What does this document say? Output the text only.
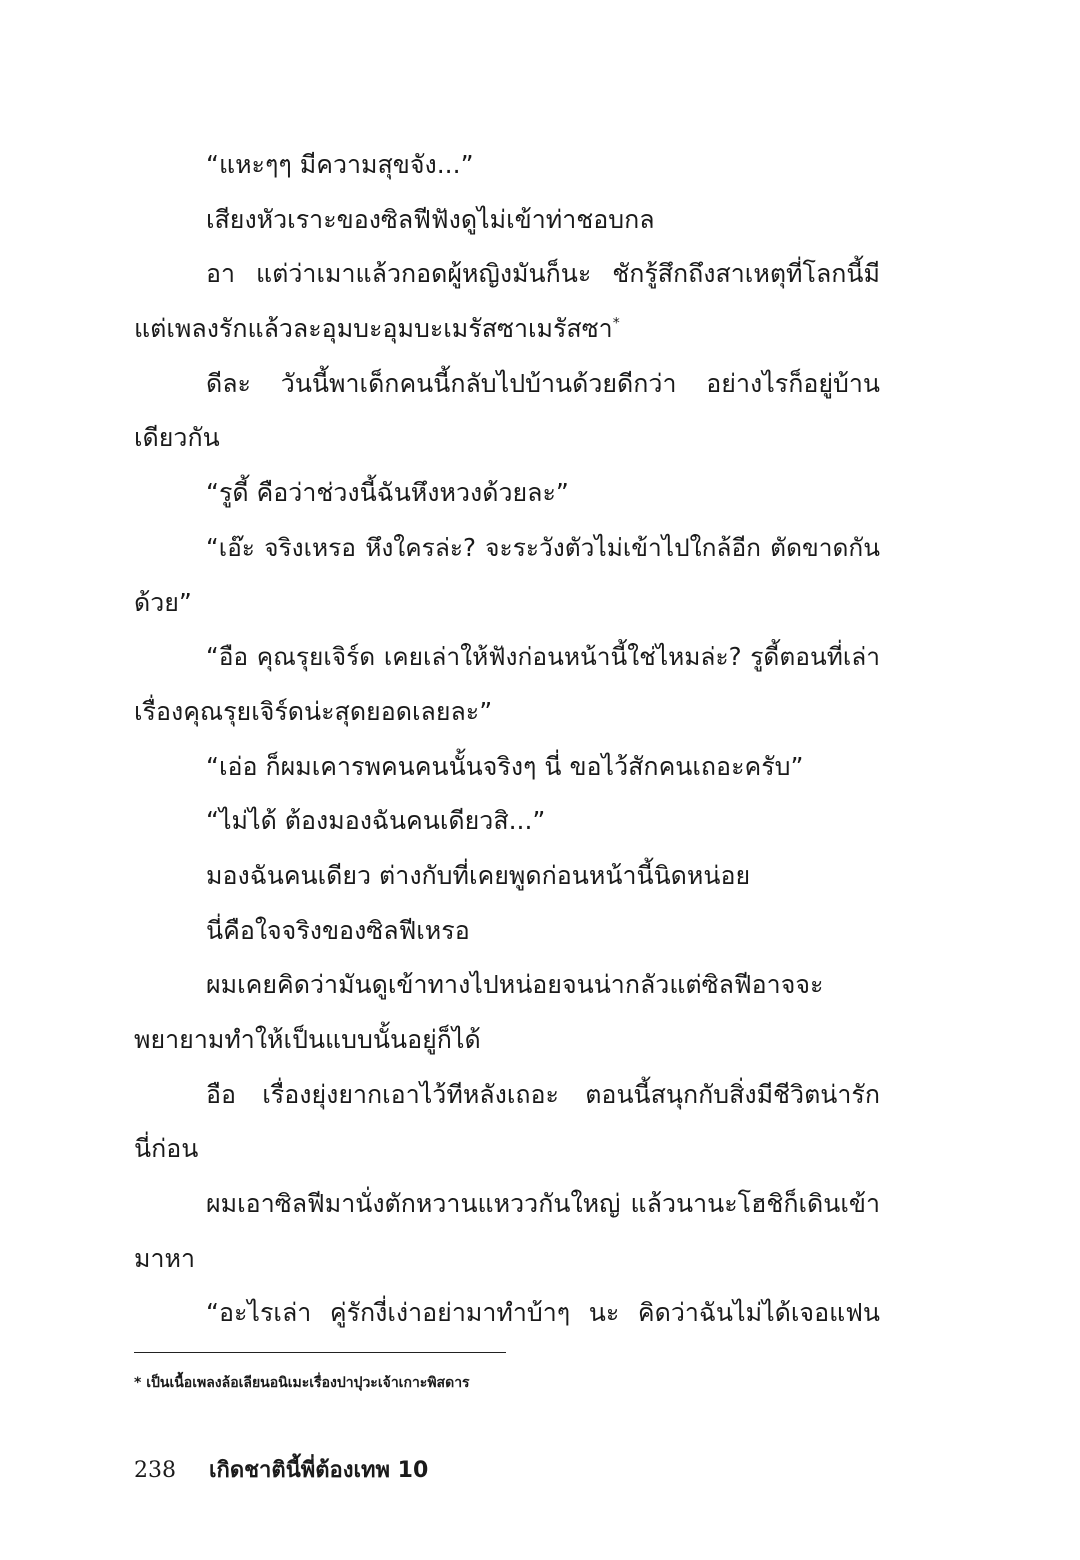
“แหะๆๆ มีความสุขจัง...”
เสียงหัวเราะของซิลฟีฟังดูไม่เข้าท่าชอบกล
อา แต่ว่าเมาแล้วกอดผู้หญิงมันก็นะ ชักรู้สึกถึงสาเหตุที่โลกนี้มี
แต่เพลงรักแล้วละอุมบะอุมบะเมรัสซาเมรัสซา*
ดีละ วันนี้พาเด็กคนนี้กลับไปบ้านด้วยดีกว่า อย่างไรก็อยู่บ้าน
เดียวกัน
“รูดี้ คือว่าช่วงนี้ฉันหึงหวงด้วยละ”
“เอ๊ะ จริงเหรอ หึงใครล่ะ? จะระวังตัวไม่เข้าไปใกล้อีก ตัดขาดกัน
ด้วย”
“อือ คุณรุยเจิร์ด เคยเล่าให้ฟังก่อนหน้านี้ใช่ไหมล่ะ? รูดี้ตอนที่เล่า
เรื่องคุณรุยเจิร์ดน่ะสุดยอดเลยละ”
“เอ่อ ก็ผมเคารพคนคนนั้นจริงๆ นี่ ขอไว้สักคนเถอะครับ”
“ไม่ได้ ต้องมองฉันคนเดียวสิ...”
มองฉันคนเดียว ต่างกับที่เคยพูดก่อนหน้านี้นิดหน่อย
นี่คือใจจริงของซิลฟีเหรอ
ผมเคยคิดว่ามันดูเข้าทางไปหน่อยจนน่ากลัวแต่ซิลฟีอาจจะ
พยายามทำให้เป็นแบบนั้นอยู่ก็ได้
อือ เรื่องยุ่งยากเอาไว้ทีหลังเถอะ ตอนนี้สนุกกับสิ่งมีชีวิตน่ารัก
นี่ก่อน
ผมเอาซิลฟีมานั่งตักหวานแหววกันใหญ่ แล้วนานะโฮชิก็เดินเข้า
มาหา
“อะไรเล่า คู่รักงี่เง่าอย่ามาทำบ้าๆ นะ คิดว่าฉันไม่ได้เจอแฟน
* เป็นเนื้อเพลงล้อเลียนอนิเมะเรื่องปาปุวะเจ้าเกาะพิสดาร
238 เกิดชาตินี้พี่ต้องเทพ 10
